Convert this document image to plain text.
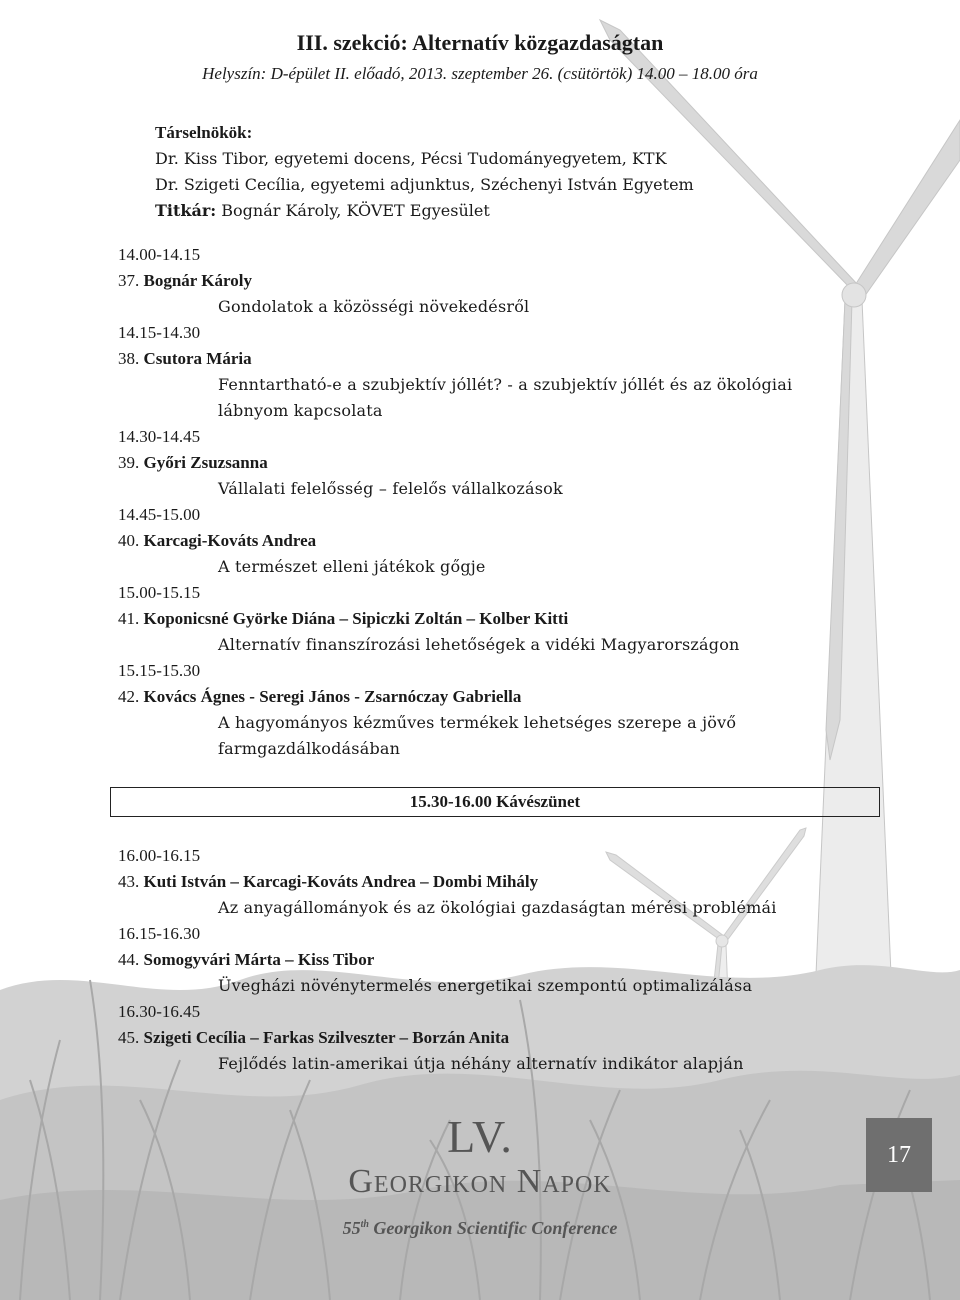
III. szekció: Alternatív közgazdaságtan
Helyszín: D-épület II. előadó, 2013. szeptember 26. (csütörtök) 14.00 – 18.00 óra
Társelnökök:
Dr. Kiss Tibor, egyetemi docens, Pécsi Tudományegyetem, KTK
Dr. Szigeti Cecília, egyetemi adjunktus, Széchenyi István Egyetem
Titkár: Bognár Károly, KÖVET Egyesület
14.00-14.15
37. Bognár Károly
Gondolatok a közösségi növekedésről
14.15-14.30
38. Csutora Mária
Fenntartható-e a szubjektív jóllét? - a szubjektív jóllét és az ökológiai
lábnyom kapcsolata
14.30-14.45
39. Győri Zsuzsanna
Vállalati felelősség – felelős vállalkozások
14.45-15.00
40. Karcagi-Kováts Andrea
A természet elleni játékok gőgje
15.00-15.15
41. Koponicsné Györke Diána – Sipiczki Zoltán – Kolber Kitti
Alternatív finanszírozási lehetőségek a vidéki Magyarországon
15.15-15.30
42. Kovács Ágnes - Seregi János - Zsarnóczay Gabriella
A hagyományos kézműves termékek lehetséges szerepe a jövő
farmgazdálkodásában
15.30-16.00 Kávészünet
16.00-16.15
43. Kuti István – Karcagi-Kováts Andrea – Dombi Mihály
Az anyagállományok és az ökológiai gazdaságtan mérési problémái
16.15-16.30
44. Somogyvári Márta – Kiss Tibor
Üvegházi növénytermelés energetikai szempontú optimalizálása
16.30-16.45
45. Szigeti Cecília – Farkas Szilveszter – Borzán Anita
Fejlődés latin-amerikai útja néhány alternatív indikátor alapján
LV.
Georgikon Napok
55th Georgikon Scientific Conference
17
